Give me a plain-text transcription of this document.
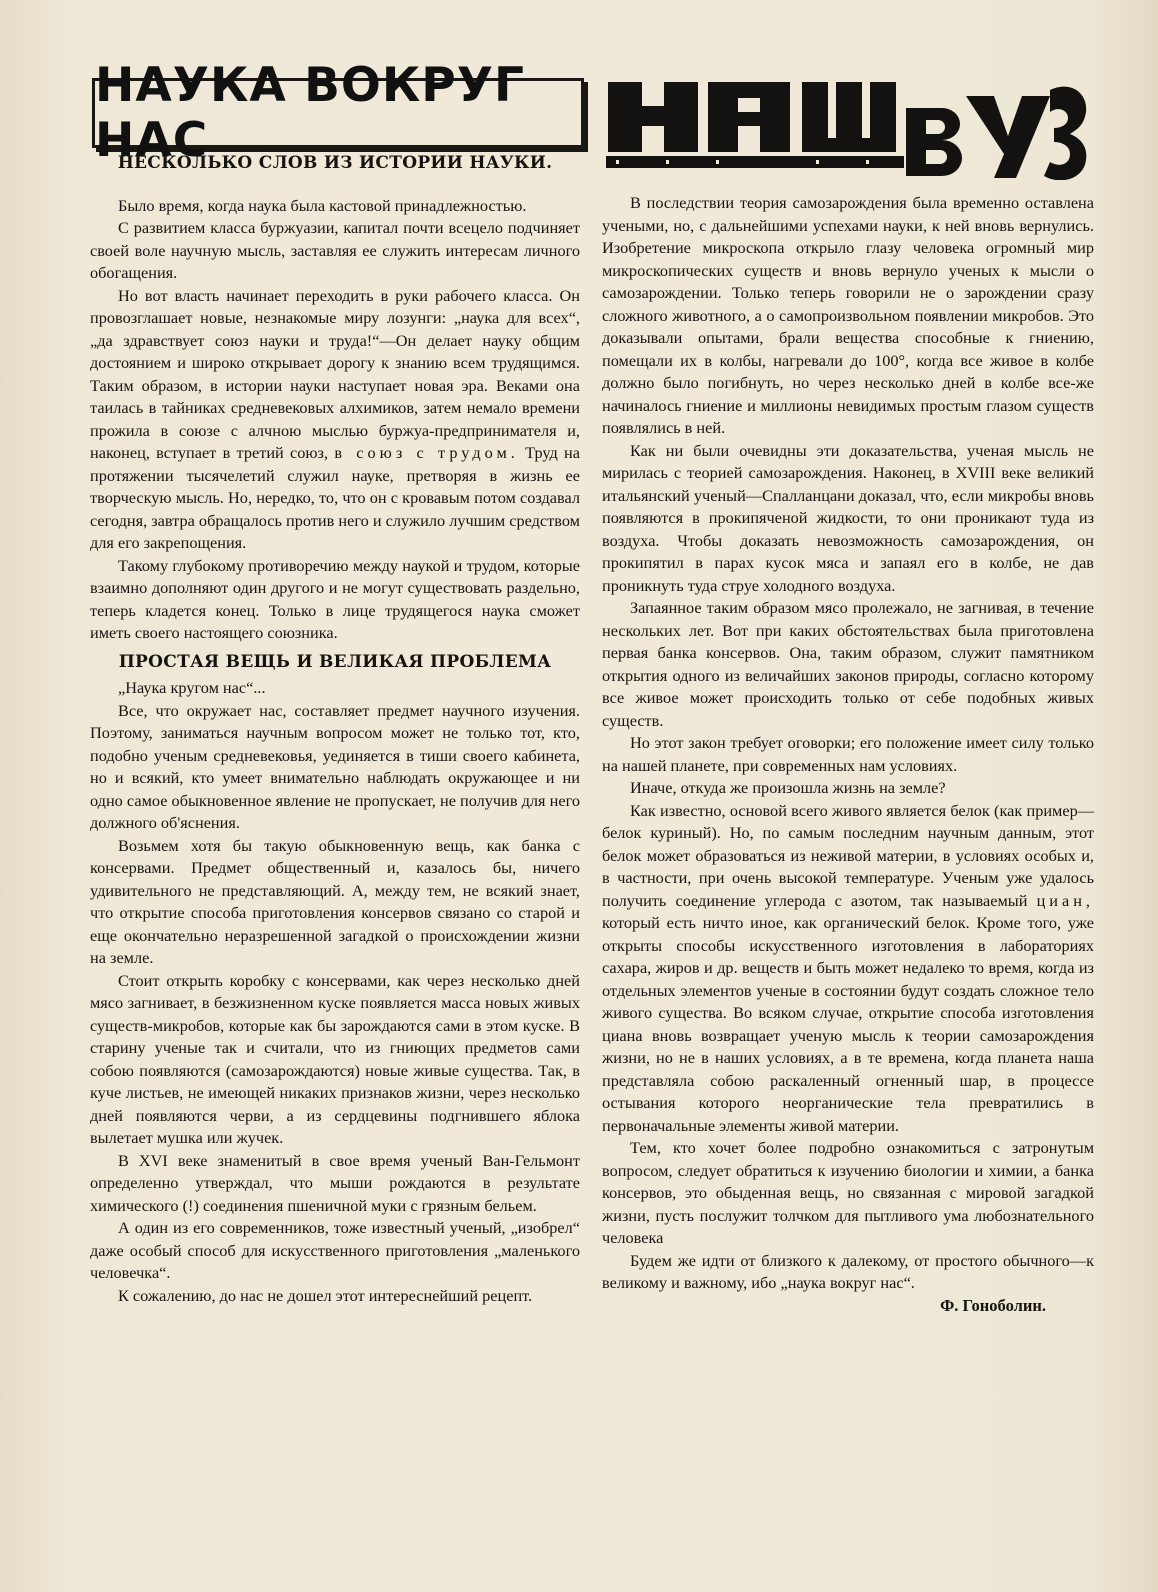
НАУКА ВОКРУГ НАС
НЕСКОЛЬКО СЛОВ ИЗ ИСТОРИИ НАУКИ.

Было время, когда наука была кастовой принадлежностью.

С развитием класса буржуазии, капитал почти всецело подчиняет своей воле научную мысль, заставляя ее служить интересам личного обогащения.

Но вот власть начинает переходить в руки рабочего класса. Он провозглашает новые, незнакомые миру лозунги: „наука для всех“, „да здравствует союз науки и труда!“—Он делает науку общим достоянием и широко открывает дорогу к знанию всем трудящимся. Таким образом, в истории науки наступает новая эра. Веками она таилась в тайниках средневековых алхимиков, затем немало времени прожила в союзе с алчною мыслью буржуа-предпринимателя и, наконец, вступает в третий союз, в союз с трудом. Труд на протяжении тысячелетий служил науке, претворяя в жизнь ее творческую мысль. Но, нередко, то, что он с кровавым потом создавал сегодня, завтра обращалось против него и служило лучшим средством для его закрепощения.

Такому глубокому противоречию между наукой и трудом, которые взаимно дополняют один другого и не могут существовать раздельно, теперь кладется конец. Только в лице трудящегося наука сможет иметь своего настоящего союзника.

ПРОСТАЯ ВЕЩЬ И ВЕЛИКАЯ ПРОБЛЕМА

„Наука кругом нас“...

Все, что окружает нас, составляет предмет научного изучения. Поэтому, заниматься научным вопросом может не только тот, кто, подобно ученым средневековья, уединяется в тиши своего кабинета, но и всякий, кто умеет внимательно наблюдать окружающее и ни одно самое обыкновенное явление не пропускает, не получив для него должного об'яснения.

Возьмем хотя бы такую обыкновенную вещь, как банка с консервами. Предмет общественный и, казалось бы, ничего удивительного не представляющий. А, между тем, не всякий знает, что открытие способа приготовления консервов связано со старой и еще окончательно неразрешенной загадкой о происхождении жизни на земле.

Стоит открыть коробку с консервами, как через несколько дней мясо загнивает, в безжизненном куске появляется масса новых живых существ-микробов, которые как бы зарождаются сами в этом куске. В старину ученые так и считали, что из гниющих предметов сами собою появляются (самозарождаются) новые живые существа. Так, в куче листьев, не имеющей никаких признаков жизни, через несколько дней появляются черви, а из сердцевины подгнившего яблока вылетает мушка или жучек.

В XVI веке знаменитый в свое время ученый Ван-Гельмонт определенно утверждал, что мыши рождаются в результате химического (!) соединения пшеничной муки с грязным бельем.

А один из его современников, тоже известный ученый, „изобрел“ даже особый способ для искусственного приготовления „маленького человечка“.

К сожалению, до нас не дошел этот интереснейший рецепт.

В последствии теория самозарождения была временно оставлена учеными, но, с дальнейшими успехами науки, к ней вновь вернулись. Изобретение микроскопа открыло глазу человека огромный мир микроскопических существ и вновь вернуло ученых к мысли о самозарождении. Только теперь говорили не о зарождении сразу сложного животного, а о самопроизвольном появлении микробов. Это доказывали опытами, брали вещества способные к гниению, помещали их в колбы, нагревали до 100°, когда все живое в колбе должно было погибнуть, но через несколько дней в колбе все-же начиналось гниение и миллионы невидимых простым глазом существ появлялись в ней.

Как ни были очевидны эти доказательства, ученая мысль не мирилась с теорией самозарождения. Наконец, в XVIII веке великий итальянский ученый—Спалланцани доказал, что, если микробы вновь появляются в прокипяченой жидкости, то они проникают туда из воздуха. Чтобы доказать невозможность самозарождения, он прокипятил в парах кусок мяса и запаял его в колбе, не дав проникнуть туда струе холодного воздуха.

Запаянное таким образом мясо пролежало, не загнивая, в течение нескольких лет. Вот при каких обстоятельствах была приготовлена первая банка консервов. Она, таким образом, служит памятником открытия одного из величайших законов природы, согласно которому все живое может происходить только от себе подобных живых существ.

Но этот закон требует оговорки; его положение имеет силу только на нашей планете, при современных нам условиях.

Иначе, откуда же произошла жизнь на земле?

Как известно, основой всего живого является белок (как пример—белок куриный). Но, по самым последним научным данным, этот белок может образоваться из неживой материи, в условиях особых и, в частности, при очень высокой температуре. Ученым уже удалось получить соединение углерода с азотом, так называемый циан, который есть ничто иное, как органический белок. Кроме того, уже открыты способы искусственного изготовления в лабораториях сахара, жиров и др. веществ и быть может недалеко то время, когда из отдельных элементов ученые в состоянии будут создать сложное тело живого существа. Во всяком случае, открытие способа изготовления циана вновь возвращает ученую мысль к теории самозарождения жизни, но не в наших условиях, а в те времена, когда планета наша представляла собою раскаленный огненный шар, в процессе остывания которого неорганические тела превратились в первоначальные элементы живой материи.

Тем, кто хочет более подробно ознакомиться с затронутым вопросом, следует обратиться к изучению биологии и химии, а банка консервов, это обыденная вещь, но связанная с мировой загадкой жизни, пусть послужит толчком для пытливого ума любознательного человека

Будем же идти от близкого к далекому, от простого обычного—к великому и важному, ибо „наука вокруг нас“.

Ф. Гоноболин.
